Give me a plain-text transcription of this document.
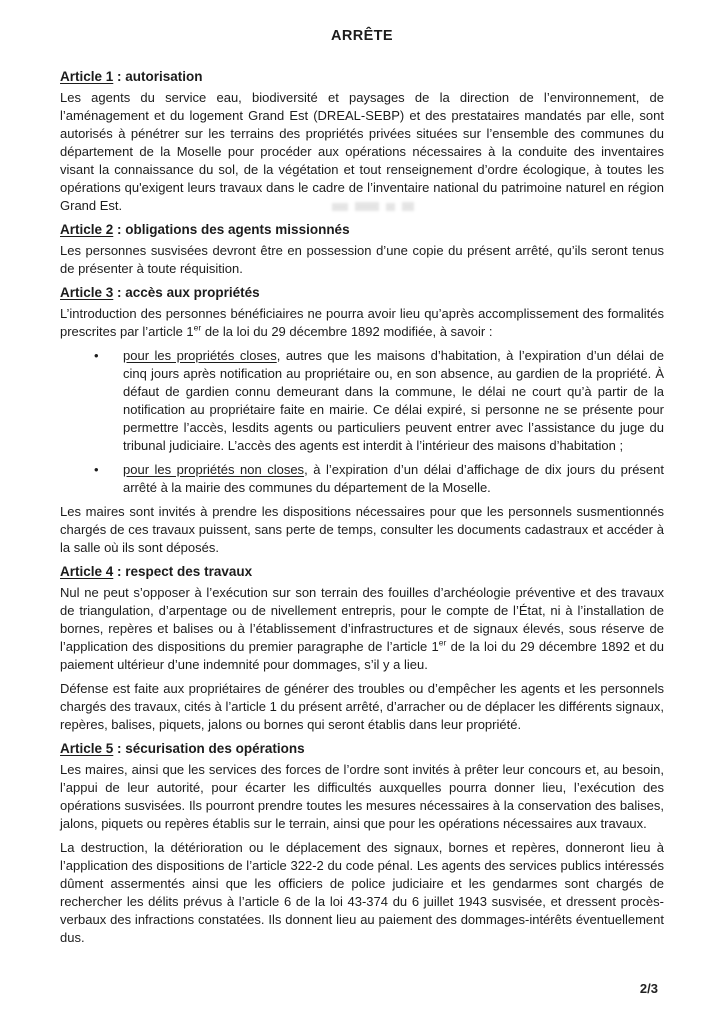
ARRÊTE
Article 1 : autorisation

Les agents du service eau, biodiversité et paysages de la direction de l’environnement, de l’aménagement et du logement Grand Est (DREAL-SEBP) et des prestataires mandatés par elle, sont autorisés à pénétrer sur les terrains des propriétés privées situées sur l’ensemble des communes du département de la Moselle pour procéder aux opérations nécessaires à la conduite des inventaires visant la connaissance du sol, de la végétation et tout renseignement d’ordre écologique, à toutes les opérations qu'exigent leurs travaux dans le cadre de l’inventaire national du patrimoine naturel en région Grand Est.

Article 2 : obligations des agents missionnés

Les personnes susvisées devront être en possession d’une copie du présent arrêté, qu’ils seront tenus de présenter à toute réquisition.

Article 3 : accès aux propriétés

L’introduction des personnes bénéficiaires ne pourra avoir lieu qu’après accomplissement des formalités prescrites par l’article 1er de la loi du 29 décembre 1892 modifiée, à savoir :

• pour les propriétés closes, autres que les maisons d’habitation, à l’expiration d’un délai de cinq jours après notification au propriétaire ou, en son absence, au gardien de la propriété. À défaut de gardien connu demeurant dans la commune, le délai ne court qu’à partir de la notification au propriétaire faite en mairie. Ce délai expiré, si personne ne se présente pour permettre l’accès, lesdits agents ou particuliers peuvent entrer avec l’assistance du juge du tribunal judiciaire. L’accès des agents est interdit à l’intérieur des maisons d’habitation ;
• pour les propriétés non closes, à l’expiration d’un délai d’affichage de dix jours du présent arrêté à la mairie des communes du département de la Moselle.

Les maires sont invités à prendre les dispositions nécessaires pour que les personnels susmentionnés chargés de ces travaux puissent, sans perte de temps, consulter les documents cadastraux et accéder à la salle où ils sont déposés.

Article 4 : respect des travaux

Nul ne peut s’opposer à l’exécution sur son terrain des fouilles d’archéologie préventive et des travaux de triangulation, d’arpentage ou de nivellement entrepris, pour le compte de l’État, ni à l’installation de bornes, repères et balises ou à l’établissement d’infrastructures et de signaux élevés, sous réserve de l’application des dispositions du premier paragraphe de l’article 1er de la loi du 29 décembre 1892 et du paiement ultérieur d’une indemnité pour dommages, s’il y a lieu.

Défense est faite aux propriétaires de générer des troubles ou d’empêcher les agents et les personnels chargés des travaux, cités à l’article 1 du présent arrêté, d’arracher ou de déplacer les différents signaux, repères, balises, piquets, jalons ou bornes qui seront établis dans leur propriété.

Article 5 : sécurisation des opérations

Les maires, ainsi que les services des forces de l’ordre sont invités à prêter leur concours et, au besoin, l’appui de leur autorité, pour écarter les difficultés auxquelles pourra donner lieu, l’exécution des opérations susvisées. Ils pourront prendre toutes les mesures nécessaires à la conservation des balises, jalons, piquets ou repères établis sur le terrain, ainsi que pour les opérations nécessaires aux travaux.

La destruction, la détérioration ou le déplacement des signaux, bornes et repères, donneront lieu à l’application des dispositions de l’article 322-2 du code pénal. Les agents des services publics intéressés dûment assermentés ainsi que les officiers de police judiciaire et les gendarmes sont chargés de rechercher les délits prévus à l’article 6 de la loi 43-374 du 6 juillet 1943 susvisée, et dressent procès-verbaux des infractions constatées. Ils donnent lieu au paiement des dommages-intérêts éventuellement dus.

2/3
